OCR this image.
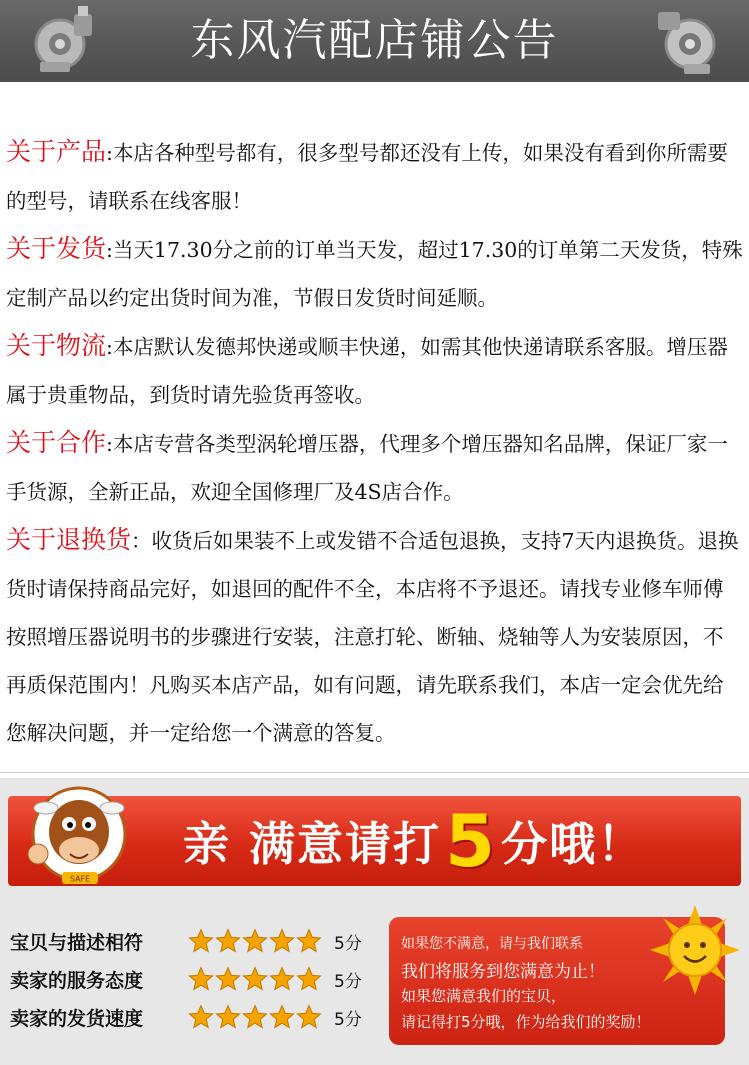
东风汽配店铺公告

关于产品:本店各种型号都有，很多型号都还没有上传，如果没有看到你所需要的型号，请联系在线客服！

关于发货:当天17.30分之前的订单当天发，超过17.30的订单第二天发货，特殊定制产品以约定出货时间为准，节假日发货时间延顺。

关于物流:本店默认发德邦快递或顺丰快递，如需其他快递请联系客服。增压器属于贵重物品，到货时请先验货再签收。

关于合作:本店专营各类型涡轮增压器，代理多个增压器知名品牌，保证厂家一手货源，全新正品，欢迎全国修理厂及4S店合作。

关于退换货：收货后如果装不上或发错不合适包退换，支持7天内退换货。退换货时请保持商品完好，如退回的配件不全，本店将不予退还。请找专业修车师傅按照增压器说明书的步骤进行安装，注意打轮、断轴、烧轴等人为安装原因，不再质保范围内！凡购买本店产品，如有问题，请先联系我们，本店一定会优先给您解决问题，并一定给您一个满意的答复。

亲 满意请打5分哦！
SAFE
宝贝与描述相符	5分
卖家的服务态度	5分
卖家的发货速度	5分
如果您不满意，请与我们联系
我们将服务到您满意为止！
如果您满意我们的宝贝，
请记得打5分哦，作为给我们的奖励！
